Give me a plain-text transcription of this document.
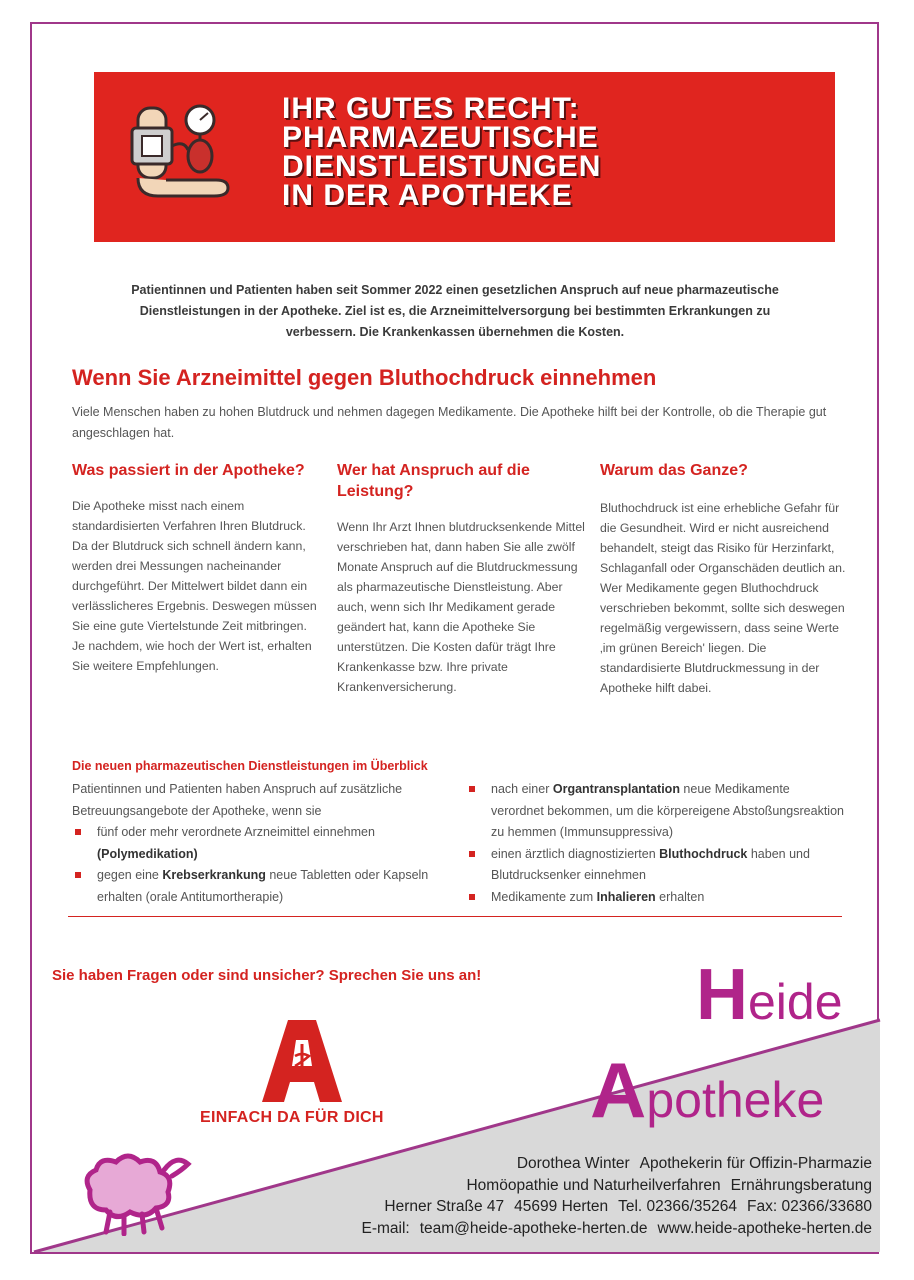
IHR GUTES RECHT:
PHARMAZEUTISCHE
DIENSTLEISTUNGEN
IN DER APOTHEKE
Patientinnen und Patienten haben seit Sommer 2022 einen gesetzlichen Anspruch auf neue pharmazeutische Dienstleistungen in der Apotheke. Ziel ist es, die Arzneimittelversorgung bei bestimmten Erkrankungen zu verbessern. Die Krankenkassen übernehmen die Kosten.
Wenn Sie Arzneimittel gegen Bluthochdruck einnehmen
Viele Menschen haben zu hohen Blutdruck und nehmen dagegen Medikamente. Die Apotheke hilft bei der Kontrolle, ob die Therapie gut angeschlagen hat.
Was passiert in der Apotheke?

Die Apotheke misst nach einem standardisierten Verfahren Ihren Blutdruck. Da der Blutdruck sich schnell ändern kann, werden drei Messungen nacheinander durchgeführt. Der Mittelwert bildet dann ein verlässlicheres Ergebnis. Deswegen müssen Sie eine gute Viertelstunde Zeit mitbringen. Je nachdem, wie hoch der Wert ist, erhalten Sie weitere Empfehlungen.

Wer hat Anspruch auf die Leistung?

Wenn Ihr Arzt Ihnen blutdrucksenkende Mittel verschrieben hat, dann haben Sie alle zwölf Monate Anspruch auf die Blutdruckmessung als pharmazeutische Dienstleistung. Aber auch, wenn sich Ihr Medikament gerade geändert hat, kann die Apotheke Sie unterstützen. Die Kosten dafür trägt Ihre Krankenkasse bzw. Ihre private Krankenversicherung.

Warum das Ganze?

Bluthochdruck ist eine erhebliche Gefahr für die Gesundheit. Wird er nicht ausreichend behandelt, steigt das Risiko für Herzinfarkt, Schlaganfall oder Organschäden deutlich an. Wer Medikamente gegen Bluthochdruck verschrieben bekommt, sollte sich deswegen regelmäßig vergewissern, dass seine Werte ‚im grünen Bereich' liegen. Die standardisierte Blutdruckmessung in der Apotheke hilft dabei.

Die neuen pharmazeutischen Dienstleistungen im Überblick
Patientinnen und Patienten haben Anspruch auf zusätzliche Betreuungsangebote der Apotheke, wenn sie
fünf oder mehr verordnete Arzneimittel einnehmen (Polymedikation)
gegen eine Krebserkrankung neue Tabletten oder Kapseln erhalten (orale Antitumortherapie)
nach einer Organtransplantation neue Medikamente verordnet bekommen, um die körpereigene Abstoßungsreaktion zu hemmen (Immunsuppressiva)
einen ärztlich diagnostizierten Bluthochdruck haben und Blutdrucksenker einnehmen
Medikamente zum Inhalieren erhalten
Sie haben Fragen oder sind unsicher? Sprechen Sie uns an!
EINFACH DA FÜR DICH
Heide
Apotheke
Dorothea Winter Apothekerin für Offizin-Pharmazie
Homöopathie und Naturheilverfahren Ernährungsberatung
Herner Straße 47 45699 Herten Tel. 02366/35264 Fax: 02366/33680
E-mail: team@heide-apotheke-herten.de www.heide-apotheke-herten.de
